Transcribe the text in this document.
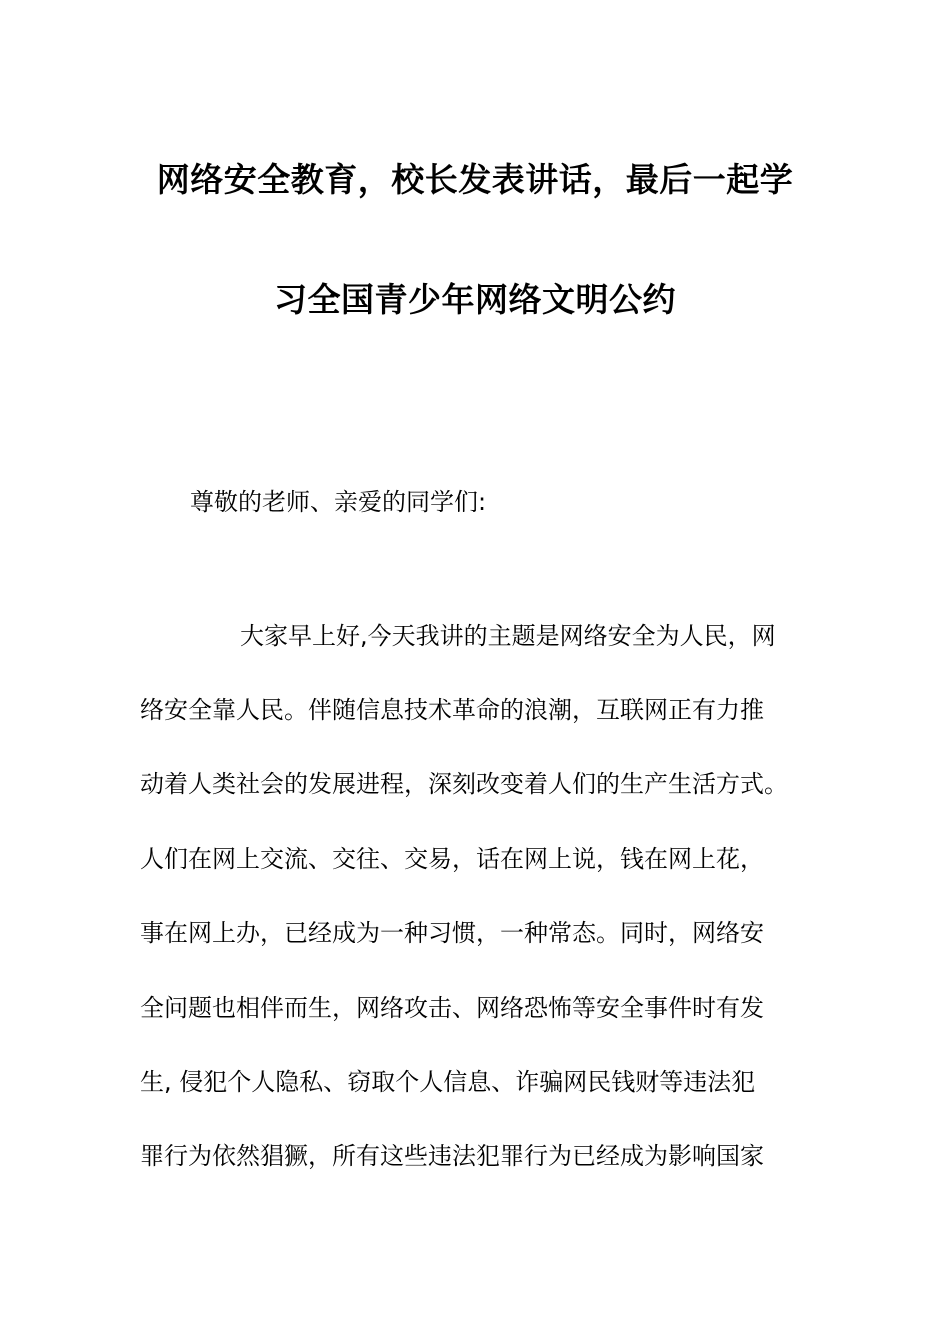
网络安全教育，校长发表讲话，最后一起学
习全国青少年网络文明公约
尊敬的老师、亲爱的同学们:
大家早上好,今天我讲的主题是网络安全为人民，网
络安全靠人民。伴随信息技术革命的浪潮，互联网正有力推
动着人类社会的发展进程，深刻改变着人们的生产生活方式。
人们在网上交流、交往、交易，话在网上说，钱在网上花，
事在网上办，已经成为一种习惯，一种常态。同时，网络安
全问题也相伴而生，网络攻击、网络恐怖等安全事件时有发
生, 侵犯个人隐私、窃取个人信息、诈骗网民钱财等违法犯
罪行为依然猖獗，所有这些违法犯罪行为已经成为影响国家
